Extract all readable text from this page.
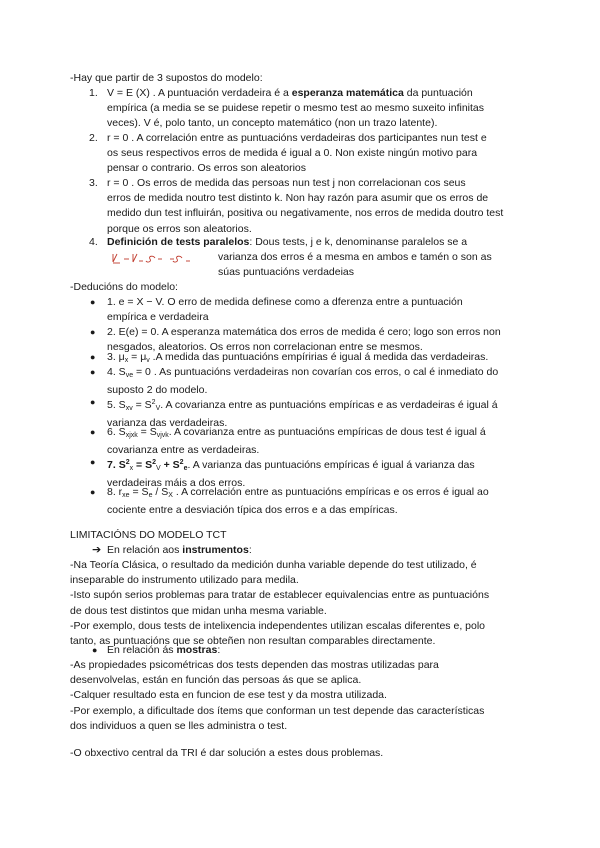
-Hay que partir de 3 supostos do modelo:
1. V = E (X) . A puntuación verdadeira é a esperanza matemática da puntuación
empírica (a media se se puidese repetir o mesmo test ao mesmo suxeito infinitas
veces). V é, polo tanto, un concepto matemático (non un trazo latente).
2. r = 0 . A correlación entre as puntuacións verdadeiras dos participantes nun test e
os seus respectivos erros de medida é igual a 0. Non existe ningún motivo para
pensar o contrario. Os erros son aleatorios
3. r = 0 . Os erros de medida das persoas nun test j non correlacionan cos seus
erros de medida noutro test distinto k. Non hay razón para asumir que os erros de
medido dun test influirán, positiva ou negativamente, nos erros de medida doutro test
porque os erros son aleatorios.
4. Definición de tests paralelos: Dous tests, j e k, denominanse paralelos se a
varianza dos erros é a mesma en ambos e tamén o son as
súas puntuacións verdadeias
-Deducións do modelo:
● 1. e = X − V. O erro de medida definese como a dferenza entre a puntuación
empírica e verdadeira
● 2. E(e) = 0. A esperanza matemática dos erros de medida é cero; logo son erros non
nesgados, aleatorios. Os erros non correlacionan entre se mesmos.
● 3. $\mu_x = \mu_v$ .A medida das puntuacións empíririas é igual á medida das verdadeiras.
● 4. $S_{ve} = 0$ . As puntuacións verdadeiras non covarían cos erros, o cal é inmediato do
suposto 2 do modelo.
● 5. $S_{xv} = S^2_V$. A covarianza entre as puntuacións empíricas e as verdadeiras é igual á
varianza das verdadeiras.
● 6. $S_{xjxk} = S_{vjvk}$. A covarianza entre as puntuacións empíricas de dous test é igual á
covarianza entre as verdadeiras.
● 7. $S^2_x = S^2_V + S^2_e$. A varianza das puntuacións empíricas é igual á varianza das
verdadeiras máis a dos erros.
● 8. $r_{xe} = S_e / S_X$ . A correlación entre as puntuacións empíricas e os erros é igual ao
cociente entre a desviación típica dos erros e a das empíricas.
LIMITACIÓNS DO MODELO TCT
➔ En relación aos instrumentos:
-Na Teoría Clásica, o resultado da medición dunha variable depende do test utilizado, é
inseparable do instrumento utilizado para medila.
-Isto supón serios problemas para tratar de establecer equivalencias entre as puntuacións
de dous test distintos que midan unha mesma variable.
-Por exemplo, dous tests de intelixencia independentes utilizan escalas diferentes e, polo
tanto, as puntuacións que se obteñen non resultan comparables directamente.
● En relación ás mostras:
-As propiedades psicométricas dos tests dependen das mostras utilizadas para
desenvolvelas, están en función das persoas ás que se aplica.
-Calquer resultado esta en funcion de ese test y da mostra utilizada.
-Por exemplo, a dificultade dos ítems que conforman un test depende das características
dos individuos a quen se lles administra o test.
-O obxectivo central da TRI é dar solución a estes dous problemas.
